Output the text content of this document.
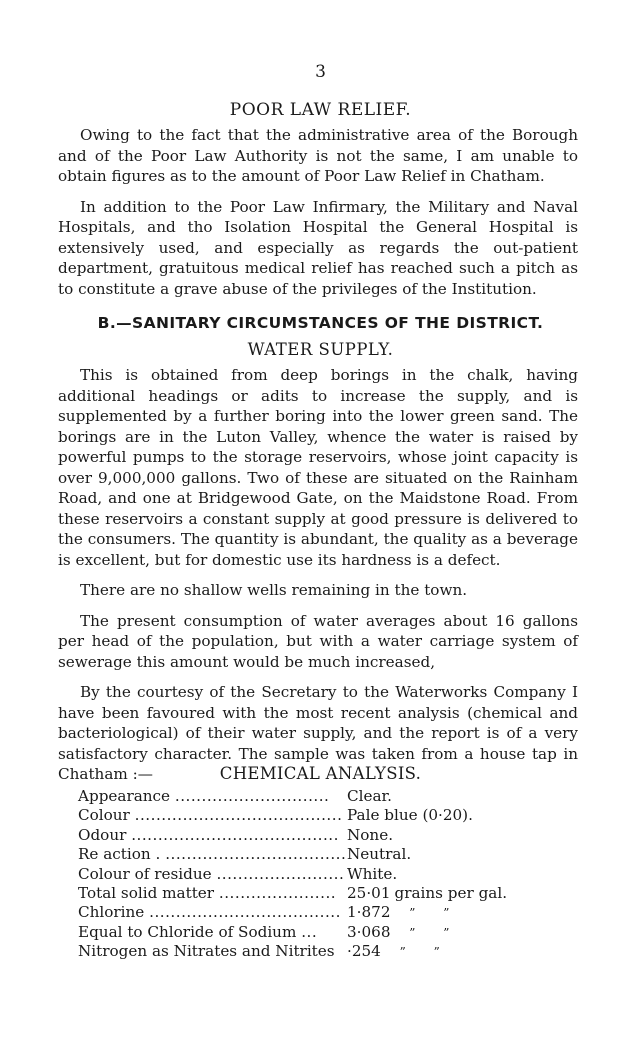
3
POOR LAW RELIEF.

Owing to the fact that the administrative area of the Borough and of the Poor Law Authority is not the same, I am unable to obtain figures as to the amount of Poor Law Relief in Chatham.

In addition to the Poor Law Infirmary, the Military and Naval Hospitals, and tho Isolation Hospital the General Hospital is extensively used, and especially as regards the out-patient department, gratuitous medical relief has reached such a pitch as to constitute a grave abuse of the privileges of the Institution.

B.—SANITARY CIRCUMSTANCES OF THE DISTRICT.
WATER SUPPLY.

This is obtained from deep borings in the chalk, having additional headings or adits to increase the supply, and is supplemented by a further boring into the lower green sand. The borings are in the Luton Valley, whence the water is raised by powerful pumps to the storage reservoirs, whose joint capacity is over 9,000,000 gallons. Two of these are situated on the Rainham Road, and one at Bridgewood Gate, on the Maidstone Road. From these reservoirs a constant supply at good pressure is delivered to the consumers. The quantity is abundant, the quality as a beverage is excellent, but for domestic use its hardness is a defect.

There are no shallow wells remaining in the town.

The present consumption of water averages about 16 gallons per head of the population, but with a water carriage system of sewerage this amount would be much increased,

By the courtesy of the Secretary to the Waterworks Company I have been favoured with the most recent analysis (chemical and bacteriological) of their water supply, and the report is of a very satisfactory character. The sample was taken from a house tap in Chatham :—	CHEMICAL ANALYSIS.
Appearance .............................	Clear.
Colour .......................................	Pale blue (0·20).
Odour .......................................	None.
Re action . ..................................	Neutral.
Colour of residue ........................	White.
Total solid matter ......................	25·01 grains per gal.
Chlorine ....................................	1·872 ” ”
Equal to Chloride of Sodium ...	3·068 ” ”
Nitrogen as Nitrates and Nitrites	·254 ” ”
